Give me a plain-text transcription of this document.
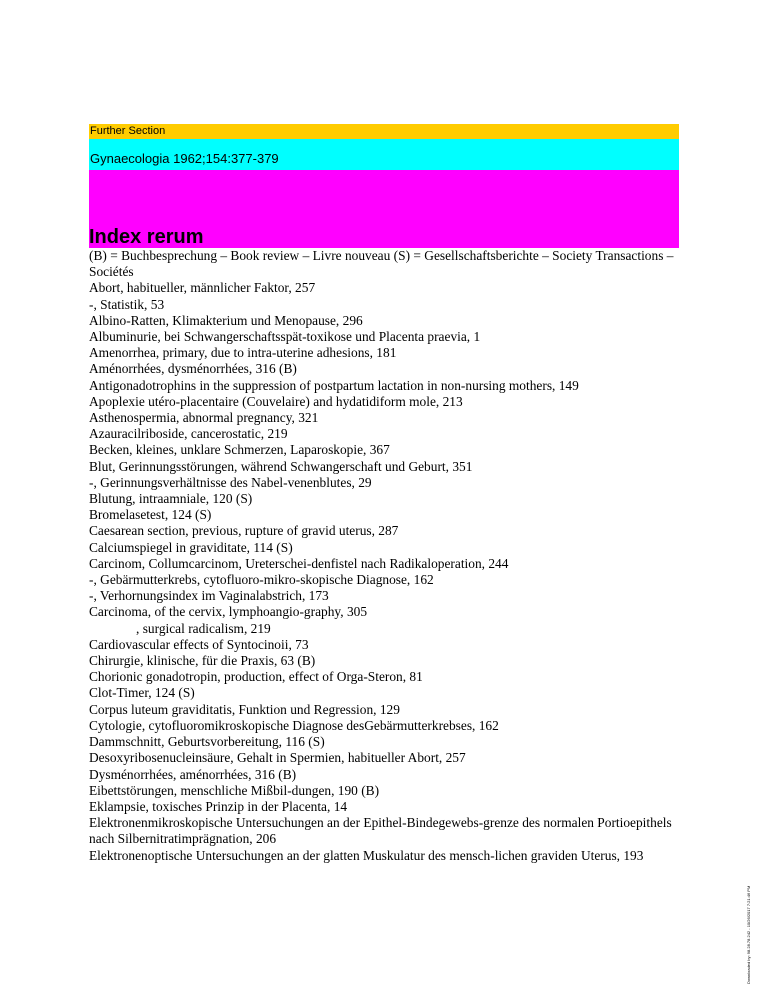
Further Section
Gynaecologia 1962;154:377-379
Index rerum
(B) = Buchbesprechung – Book review – Livre nouveau (S) = Gesellschaftsberichte – Society Transactions – Sociétés
Abort, habitueller, männlicher Faktor, 257
-, Statistik, 53
Albino-Ratten, Klimakterium und Menopause, 296
Albuminurie, bei Schwangerschaftsspät-toxikose und Placenta praevia, 1
Amenorrhea, primary, due to intra-uterine adhesions, 181
Aménorrhées, dysménorrhées, 316 (B)
Antigonadotrophins in the suppression of postpartum lactation in non-nursing mothers, 149
Apoplexie utéro-placentaire (Couvelaire) and hydatidiform mole, 213
Asthenospermia, abnormal pregnancy, 321
Azauracilriboside, cancerostatic, 219
Becken, kleines, unklare Schmerzen, Laparoskopie, 367
Blut, Gerinnungsstörungen, während Schwangerschaft und Geburt, 351
-, Gerinnungsverhältnisse des Nabel-venenblutes, 29
Blutung, intraamniale, 120 (S)
Bromelasetest, 124 (S)
Caesarean section, previous, rupture of gravid uterus, 287
Calciumspiegel in graviditate, 114 (S)
Carcinom, Collumcarcinom, Ureterschei-denfistel nach Radikaloperation, 244
-, Gebärmutterkrebs, cytofluoro-mikro-skopische Diagnose, 162
-, Verhornungsindex im Vaginalabstrich, 173
Carcinoma, of the cervix, lymphoangio-graphy, 305
, surgical radicalism, 219
Cardiovascular effects of Syntocinoii, 73
Chirurgie, klinische, für die Praxis, 63 (B)
Chorionic gonadotropin, production, effect of Orga-Steron, 81
Clot-Timer, 124 (S)
Corpus luteum graviditatis, Funktion und Regression, 129
Cytologie, cytofluoromikroskopische Diagnose desGebärmutterkrebses, 162
Dammschnitt, Geburtsvorbereitung, 116 (S)
Desoxyribosenucleinsäure, Gehalt in Spermien, habitueller Abort, 257
Dysménorrhées, aménorrhées, 316 (B)
Eibettstörungen, menschliche Mißbil-dungen, 190 (B)
Eklampsie, toxisches Prinzip in der Placenta, 14
Elektronenmikroskopische Untersuchungen an der Epithel-Bindegewebs-grenze des normalen Portioepithels nach Silbernitratimprägnation, 206
Elektronenoptische Untersuchungen an der glatten Muskulatur des mensch-lichen graviden Uterus, 193
Downloaded by: 98.28.78.242 - 10/26/2017 7:21:46 PM
